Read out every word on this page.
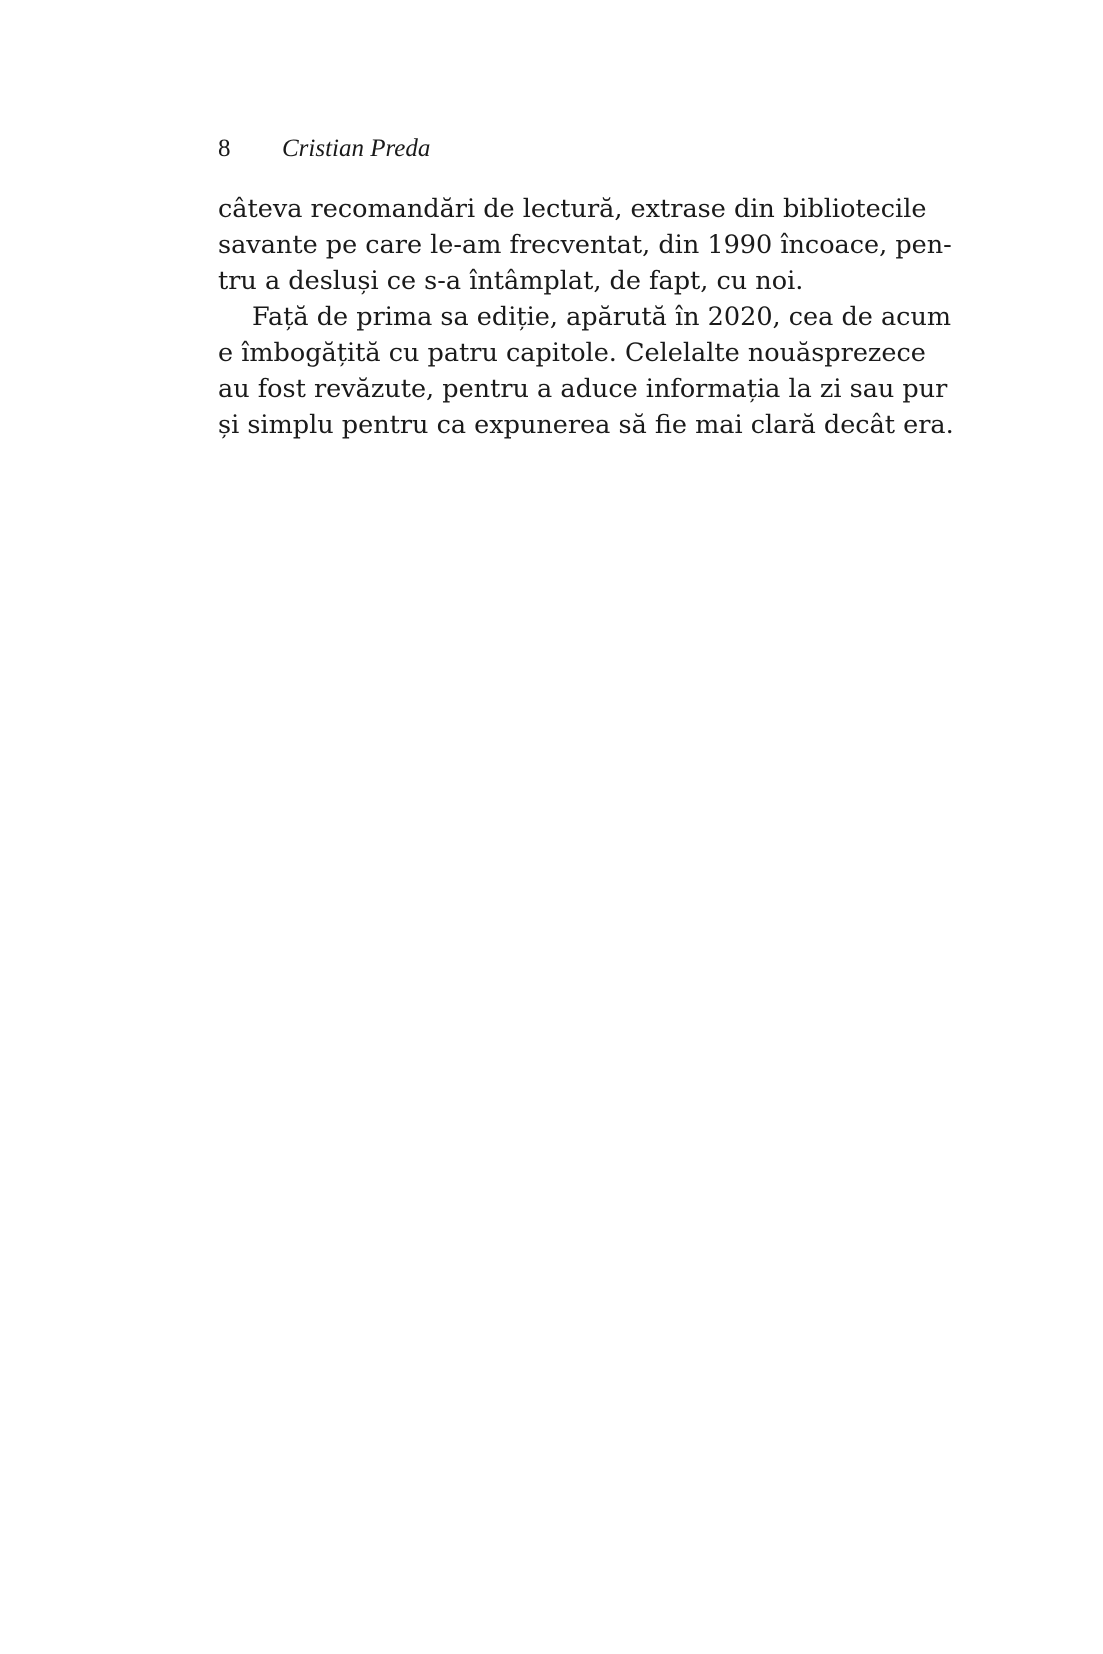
8	Cristian Preda
câteva recomandări de lectură, extrase din bibliotecile
savante pe care le-am frecventat, din 1990 încoace, pen-
tru a desluși ce s-a întâmplat, de fapt, cu noi.
Față de prima sa ediție, apărută în 2020, cea de acum
e îmbogățită cu patru capitole. Celelalte nouăsprezece
au fost revăzute, pentru a aduce informația la zi sau pur
și simplu pentru ca expunerea să fie mai clară decât era.
